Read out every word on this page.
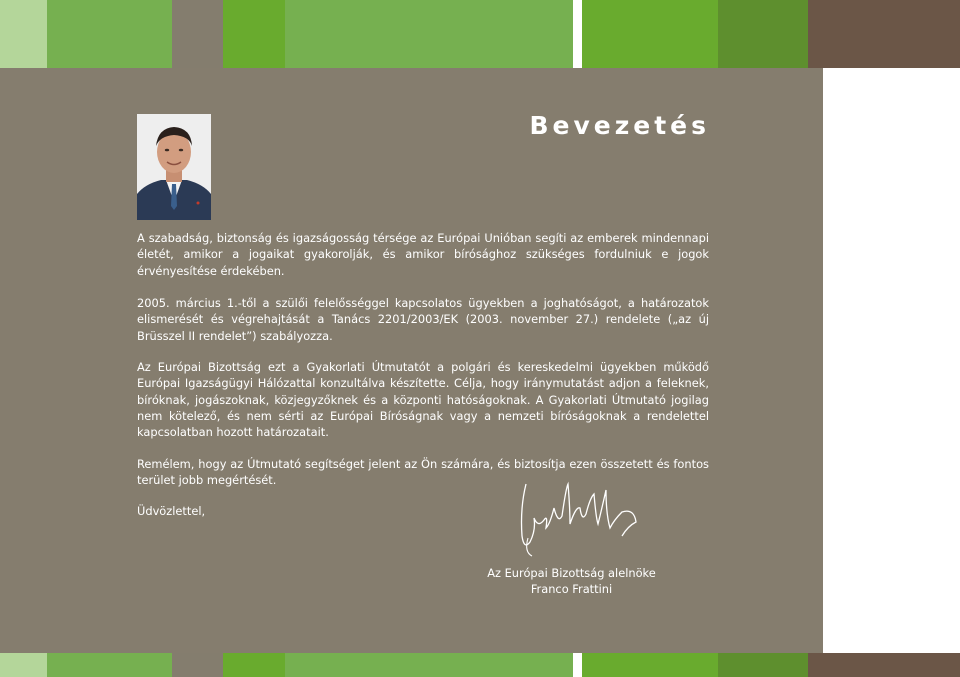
Bevezetés
A szabadság, biztonság és igazságosság térsége az Európai Unióban segíti az emberek mindennapi életét, amikor a jogaikat gyakorolják, és amikor bírósághoz szükséges fordulniuk e jogok érvényesítése érdekében.
2005. március 1.-től a szülői felelősséggel kapcsolatos ügyekben a joghatóságot, a határozatok elismerését és végrehajtását a Tanács 2201/2003/EK (2003. november 27.) rendelete („az új Brüsszel II rendelet”) szabályozza.
Az Európai Bizottság ezt a Gyakorlati Útmutatót a polgári és kereskedelmi ügyekben működő Európai Igazságügyi Hálózattal konzultálva készítette. Célja, hogy iránymutatást adjon a feleknek, bíróknak, jogászoknak, közjegyzőknek és a központi hatóságoknak. A Gyakorlati Útmutató jogilag nem kötelező, és nem sérti az Európai Bíróságnak vagy a nemzeti bíróságoknak a rendelettel kapcsolatban hozott határozatait.
Remélem, hogy az Útmutató segítséget jelent az Ön számára, és biztosítja ezen összetett és fontos terület jobb megértését.
Üdvözlettel,
Az Európai Bizottság alelnöke
Franco Frattini
